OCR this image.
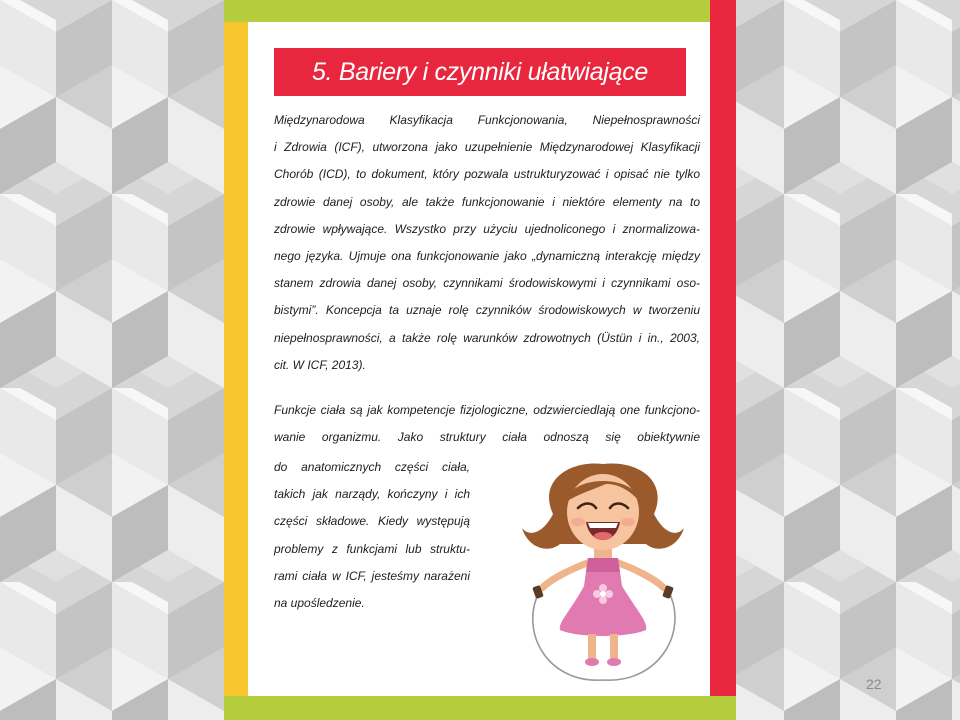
22
5. Bariery i czynniki ułatwiające
Międzynarodowa Klasyfikacja Funkcjonowania, Niepełnosprawności
i Zdrowia (ICF), utworzona jako uzupełnienie Międzynarodowej Klasyfikacji
Chorób (ICD), to dokument, który pozwala ustrukturyzować i opisać nie tylko
zdrowie danej osoby, ale także funkcjonowanie i niektóre elementy na to
zdrowie wpływające. Wszystko przy użyciu ujednoliconego i znormalizowa-
nego języka. Ujmuje ona funkcjonowanie jako „dynamiczną interakcję między
stanem zdrowia danej osoby, czynnikami środowiskowymi i czynnikami oso-
bistymi”. Koncepcja ta uznaje rolę czynników środowiskowych w tworzeniu
niepełnosprawności, a także rolę warunków zdrowotnych (Üstün i in., 2003,
cit. W ICF, 2013).
Funkcje ciała są jak kompetencje fizjologiczne, odzwierciedlają one funkcjono-
wanie organizmu. Jako struktury ciała odnoszą się obiektywnie
do anatomicznych części ciała,
takich jak narządy, kończyny i ich
części składowe. Kiedy występują
problemy z funkcjami lub struktu-
rami ciała w ICF, jesteśmy narażeni
na upośledzenie.
